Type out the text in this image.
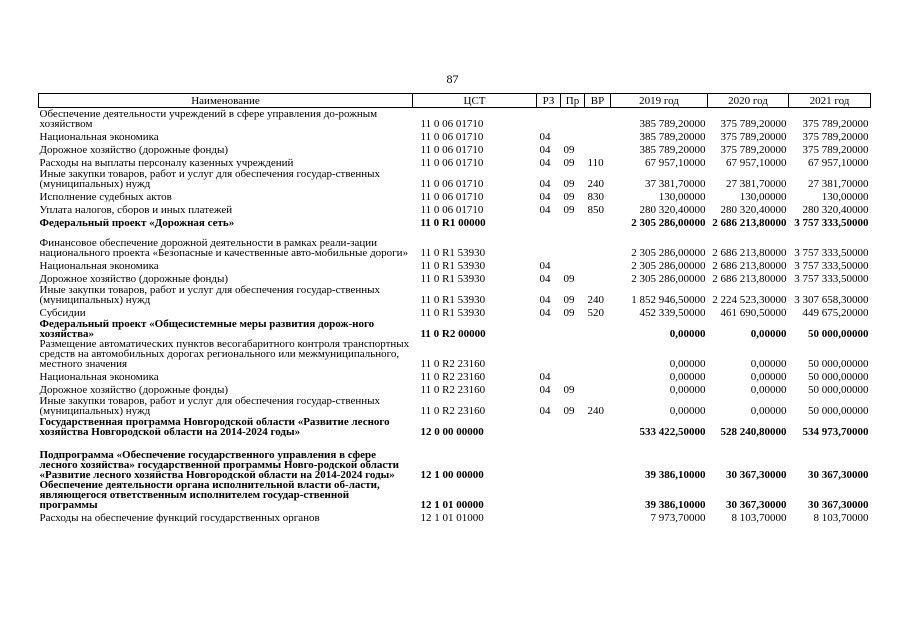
87
Наименование	ЦСТ	РЗ	Пр	ВР	2019 год	2020 год	2021 год
Обеспечение деятельности учреждений в сфере управления до-рожным хозяйством	11 0 06 01710				385 789,20000	375 789,20000	375 789,20000
Национальная экономика	11 0 06 01710	04			385 789,20000	375 789,20000	375 789,20000
Дорожное хозяйство (дорожные фонды)	11 0 06 01710	04	09		385 789,20000	375 789,20000	375 789,20000
Расходы на выплаты персоналу казенных учреждений	11 0 06 01710	04	09	110	67 957,10000	67 957,10000	67 957,10000
Иные закупки товаров, работ и услуг для обеспечения государ-ственных (муниципальных) нужд	11 0 06 01710	04	09	240	37 381,70000	27 381,70000	27 381,70000
Исполнение судебных актов	11 0 06 01710	04	09	830	130,00000	130,00000	130,00000
Уплата налогов, сборов и иных платежей	11 0 06 01710	04	09	850	280 320,40000	280 320,40000	280 320,40000
Федеральный проект «Дорожная сеть»	11 0 R1 00000				2 305 286,00000	2 686 213,80000	3 757 333,50000
Финансовое обеспечение дорожной деятельности в рамках реали-зации национального проекта «Безопасные и качественные авто-мобильные дороги»	11 0 R1 53930				2 305 286,00000	2 686 213,80000	3 757 333,50000
Национальная экономика	11 0 R1 53930	04			2 305 286,00000	2 686 213,80000	3 757 333,50000
Дорожное хозяйство (дорожные фонды)	11 0 R1 53930	04	09		2 305 286,00000	2 686 213,80000	3 757 333,50000
Иные закупки товаров, работ и услуг для обеспечения государ-ственных (муниципальных) нужд	11 0 R1 53930	04	09	240	1 852 946,50000	2 224 523,30000	3 307 658,30000
Субсидии	11 0 R1 53930	04	09	520	452 339,50000	461 690,50000	449 675,20000
Федеральный проект «Общесистемные меры развития дорож-ного хозяйства»	11 0 R2 00000				0,00000	0,00000	50 000,00000
Размещение автоматических пунктов весогабаритного контроля транспортных средств на автомобильных дорогах регионального или межмуниципального, местного значения	11 0 R2 23160				0,00000	0,00000	50 000,00000
Национальная экономика	11 0 R2 23160	04			0,00000	0,00000	50 000,00000
Дорожное хозяйство (дорожные фонды)	11 0 R2 23160	04	09		0,00000	0,00000	50 000,00000
Иные закупки товаров, работ и услуг для обеспечения государ-ственных (муниципальных) нужд	11 0 R2 23160	04	09	240	0,00000	0,00000	50 000,00000
Государственная программа Новгородской области «Развитие лесного хозяйства Новгородской области на 2014-2024 годы»	12 0 00 00000				533 422,50000	528 240,80000	534 973,70000
Подпрограмма «Обеспечение государственного управления в сфере лесного хозяйства» государственной программы Новго-родской области «Развитие лесного хозяйства Новгородской области на 2014-2024 годы»	12 1 00 00000				39 386,10000	30 367,30000	30 367,30000
Обеспечение деятельности органа исполнительной власти об-ласти, являющегося ответственным исполнителем государ-ственной программы	12 1 01 00000				39 386,10000	30 367,30000	30 367,30000
Расходы на обеспечение функций государственных органов	12 1 01 01000				7 973,70000	8 103,70000	8 103,70000
